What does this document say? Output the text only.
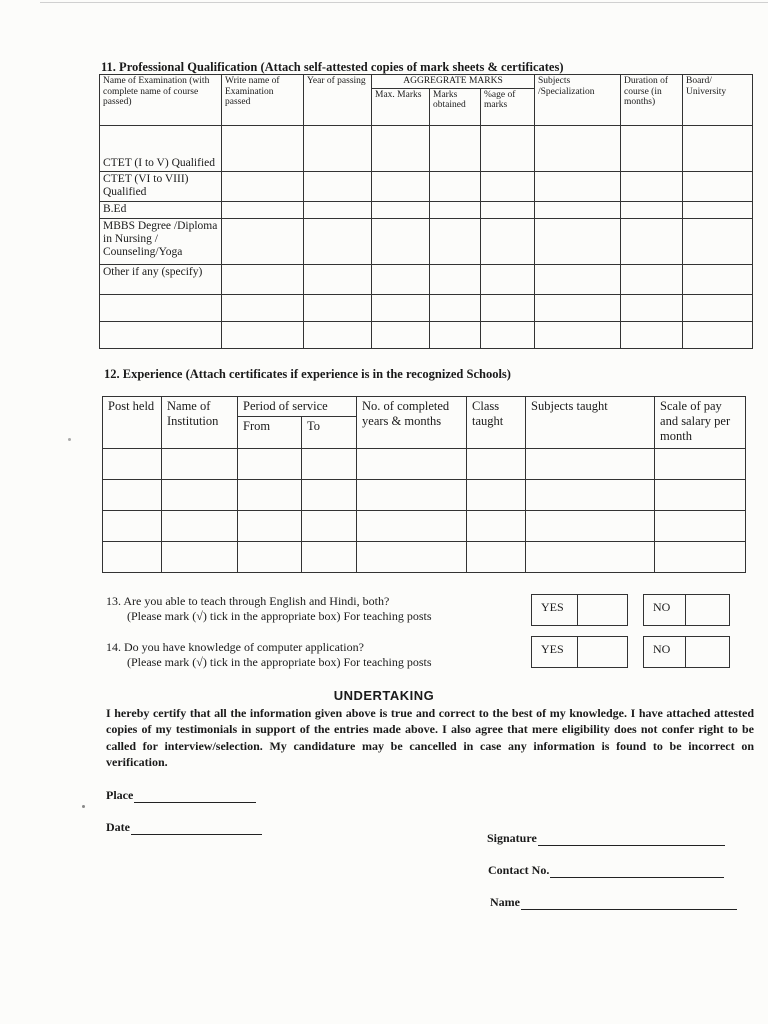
11. Professional Qualification (Attach self-attested copies of mark sheets & certificates)
Name of Examination (with complete name of course passed)	Write name of Examination passed	Year of passing	AGGREGRATE MARKS			Subjects /Specialization	Duration of course (in months)	Board/ University
			Max. Marks	Marks obtained	%age of marks			
CTET (I to V) Qualified								
CTET (VI to VIII) Qualified								
B.Ed								
MBBS Degree /Diploma in Nursing / Counseling/Yoga								
Other if any (specify)								

12. Experience (Attach certificates if experience is in the recognized Schools)
Post held	Name of Institution	Period of service		No. of completed years & months	Class taught	Subjects taught	Scale of pay and salary per month
		From	To				

13. Are you able to teach through English and Hindi, both?
(Please mark (√) tick in the appropriate box) For teaching posts
YES	NO
14. Do you have knowledge of computer application?
(Please mark (√) tick in the appropriate box) For teaching posts
YES	NO
UNDERTAKING
I hereby certify that all the information given above is true and correct to the best of my knowledge. I have attached attested copies of my testimonials in support of the entries made above. I also agree that mere eligibility does not confer right to be called for interview/selection. My candidature may be cancelled in case any information is found to be incorrect on verification.
Place
Date
Signature
Contact No.
Name
